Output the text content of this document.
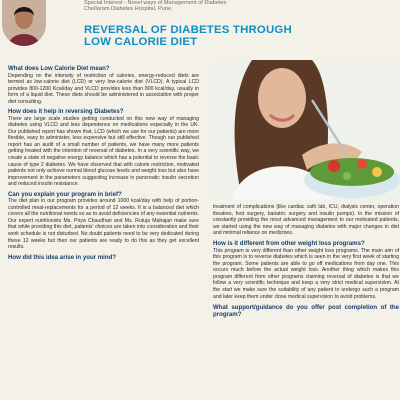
Special Interest - Novel ways of Management of Diabetes
Chellaram Diabetes Hospital, Pune.
REVERSAL OF DIABETES THROUGH
LOW CALORIE DIET
What does Low Calorie Diet mean?
Depending on the intensity of restriction of calories, energy-reduced diets are termed as low-calorie diet (LCD) or very low-calorie diet (VLCD). A typical LCD provides 800-1200 Kcal/day and VLCD provides less than 800 kcal/day, usually in form of a liquid diet. These diets should be administered in association with proper diet consulting.
How does it help in reversing Diabetes?
There are large scale studies getting conducted on this new way of managing diabetes using VLCD and less dependence on medications especially in the UK. Our published report has shown that, LCD (which we use for our patients) are more flexible, easy to administer, less expensive but still effective. Though our published report has an audit of a small number of patients, we have many more patients getting treated with the intention of reversal of diabetes. In a very scientific way, we create a state of negative energy balance which has a potential to reverse the basic cause of type 2 diabetes. We have observed that with calorie restriction, motivated patients not only achieve normal blood glucose levels and weight loss but also have improvement in the parameters suggesting increase in pancreatic insulin secretion and reduced insulin resistance.
Can you explain your program in brief?
The diet plan in our program provides around 1000 kcal/day with help of portion-controlled meal-replacements for a period of 12 weeks. It is a balanced diet which covers all the nutritional needs so as to avoid deficiencies of any essential nutrients. Our expert nutritionists Ms. Priya Chaudhari and Ms. Rutuja Mahajan make sure that while providing this diet, patients' choices are taken into consideration and their work schedule is not disturbed. No doubt patients need to be very dedicated during these 12 weeks but then our patients are ready to do this as they get excellent results.
How did this idea arise in your mind?
treatment of complications (like cardiac cath lab, ICU, dialysis center, operation theatres, foot surgery, bariatric surgery and insulin pumps). In the mission of constantly providing the most advanced management to our motivated patients, we started using the new way of managing diabetes with major changes in diet and minimal reliance on medicines.
How is it different from other weight loss programs?
This program is very different than other weight loss programs. The main aim of this program is to reverse diabetes which is seen in the very first week of starting the program. Some patients are able to go off medications from day one. This occurs much before the actual weight loss. Another thing which makes this program different from other programs claiming reversal of diabetes is that we follow a very scientific technique and keep a very strict medical supervision. At the start we make sure the suitability of any patient to undergo such a program and later keep them under close medical supervision to avoid problems.
What support/guidance do you offer post completion of the program?
